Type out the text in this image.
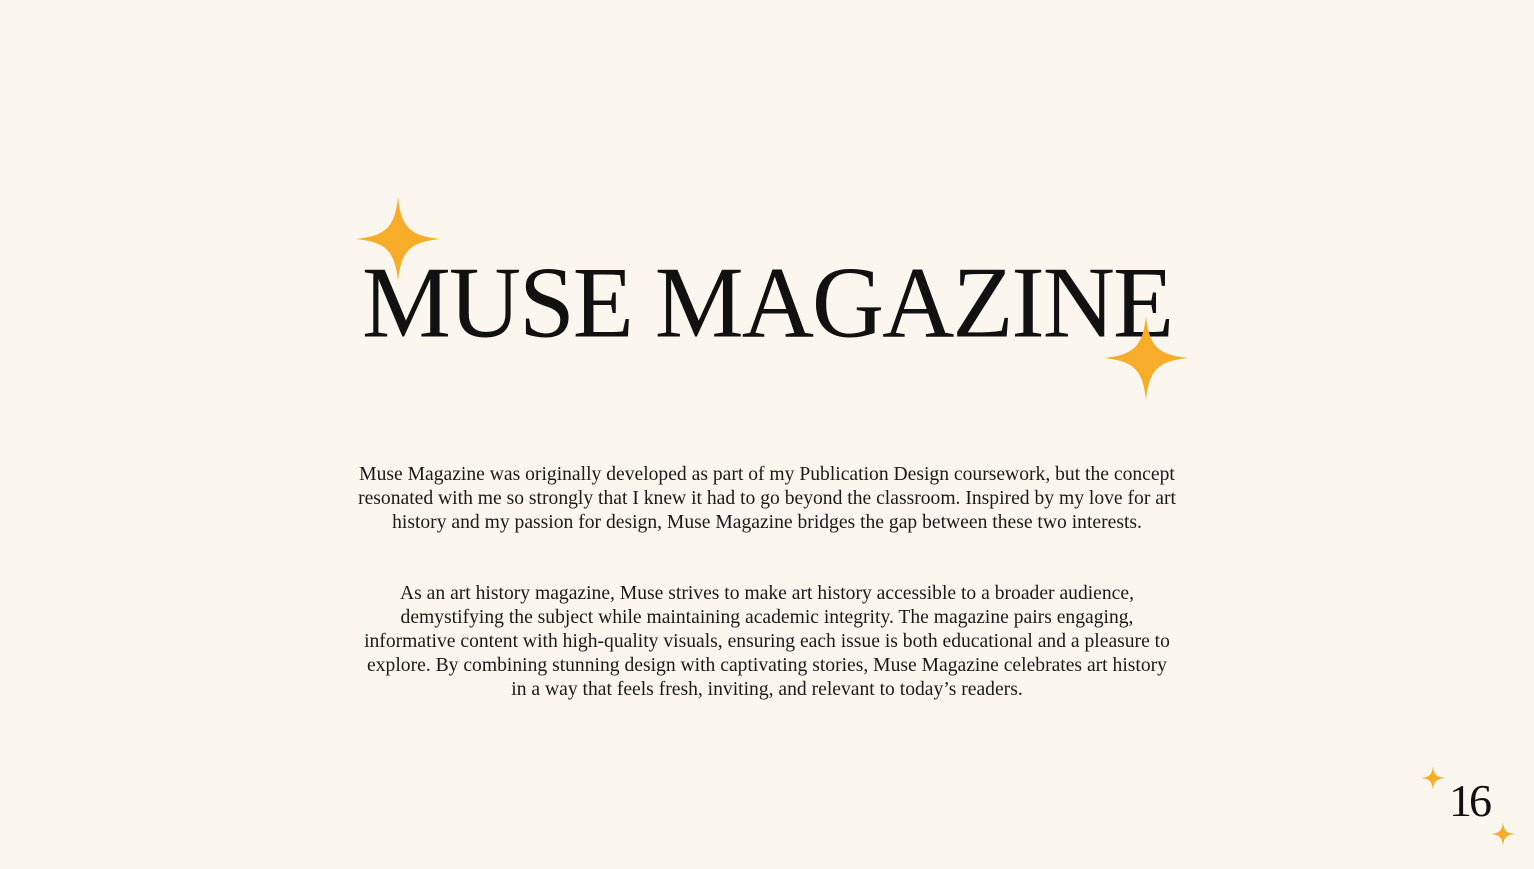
MUSE MAGAZINE

Muse Magazine was originally developed as part of my Publication Design coursework, but the concept resonated with me so strongly that I knew it had to go beyond the classroom. Inspired by my love for art history and my passion for design, Muse Magazine bridges the gap between these two interests.

As an art history magazine, Muse strives to make art history accessible to a broader audience, demystifying the subject while maintaining academic integrity. The magazine pairs engaging, informative content with high-quality visuals, ensuring each issue is both educational and a pleasure to explore. By combining stunning design with captivating stories, Muse Magazine celebrates art history in a way that feels fresh, inviting, and relevant to today’s readers.

16
